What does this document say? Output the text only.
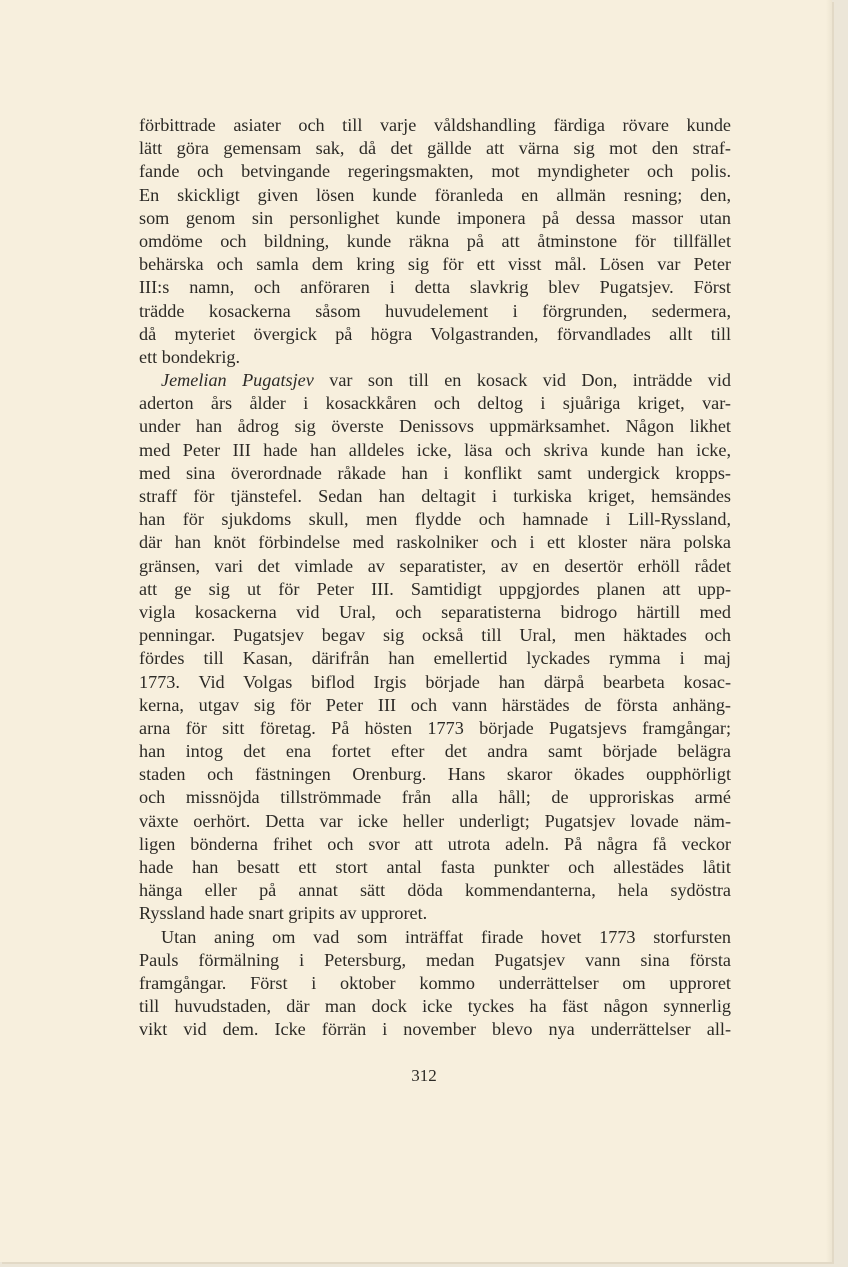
förbittrade asiater och till varje våldshandling färdiga rövare kunde
lätt göra gemensam sak, då det gällde att värna sig mot den straf-
fande och betvingande regeringsmakten, mot myndigheter och polis.
En skickligt given lösen kunde föranleda en allmän resning; den,
som genom sin personlighet kunde imponera på dessa massor utan
omdöme och bildning, kunde räkna på att åtminstone för tillfället
behärska och samla dem kring sig för ett visst mål. Lösen var Peter
III:s namn, och anföraren i detta slavkrig blev Pugatsjev. Först
trädde kosackerna såsom huvudelement i förgrunden, sedermera,
då myteriet övergick på högra Volgastranden, förvandlades allt till
ett bondekrig.
Jemelian Pugatsjev var son till en kosack vid Don, inträdde vid
aderton års ålder i kosackkåren och deltog i sjuåriga kriget, var-
under han ådrog sig överste Denissovs uppmärksamhet. Någon likhet
med Peter III hade han alldeles icke, läsa och skriva kunde han icke,
med sina överordnade råkade han i konflikt samt undergick kropps-
straff för tjänstefel. Sedan han deltagit i turkiska kriget, hemsändes
han för sjukdoms skull, men flydde och hamnade i Lill-Ryssland,
där han knöt förbindelse med raskolniker och i ett kloster nära polska
gränsen, vari det vimlade av separatister, av en desertör erhöll rådet
att ge sig ut för Peter III. Samtidigt uppgjordes planen att upp-
vigla kosackerna vid Ural, och separatisterna bidrogo härtill med
penningar. Pugatsjev begav sig också till Ural, men häktades och
fördes till Kasan, därifrån han emellertid lyckades rymma i maj
1773. Vid Volgas biflod Irgis började han därpå bearbeta kosac-
kerna, utgav sig för Peter III och vann härstädes de första anhäng-
arna för sitt företag. På hösten 1773 började Pugatsjevs framgångar;
han intog det ena fortet efter det andra samt började belägra
staden och fästningen Orenburg. Hans skaror ökades oupphörligt
och missnöjda tillströmmade från alla håll; de upproriskas armé
växte oerhört. Detta var icke heller underligt; Pugatsjev lovade näm-
ligen bönderna frihet och svor att utrota adeln. På några få veckor
hade han besatt ett stort antal fasta punkter och allestädes låtit
hänga eller på annat sätt döda kommendanterna, hela sydöstra
Ryssland hade snart gripits av upproret.
Utan aning om vad som inträffat firade hovet 1773 storfursten
Pauls förmälning i Petersburg, medan Pugatsjev vann sina första
framgångar. Först i oktober kommo underrättelser om upproret
till huvudstaden, där man dock icke tyckes ha fäst någon synnerlig
vikt vid dem. Icke förrän i november blevo nya underrättelser all-
312
